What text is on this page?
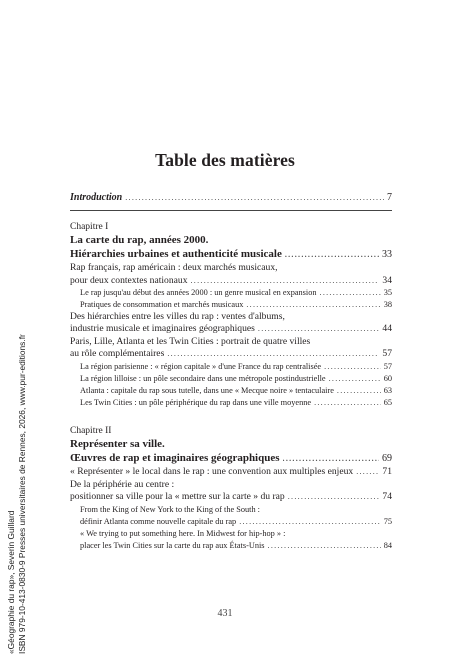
Table des matières
Introduction .....	7
Chapitre I
La carte du rap, années 2000.
Hiérarchies urbaines et authenticité musicale .....	33
Rap français, rap américain : deux marchés musicaux,
pour deux contextes nationaux .....	34
Le rap jusqu'au début des années 2000 : un genre musical en expansion .....	35
Pratiques de consommation et marchés musicaux .....	38
Des hiérarchies entre les villes du rap : ventes d'albums,
industrie musicale et imaginaires géographiques .....	44
Paris, Lille, Atlanta et les Twin Cities : portrait de quatre villes
au rôle complémentaires .....	57
La région parisienne : « région capitale » d'une France du rap centralisée .....	57
La région lilloise : un pôle secondaire dans une métropole postindustrielle .....	60
Atlanta : capitale du rap sous tutelle, dans une « Mecque noire » tentaculaire .....	63
Les Twin Cities : un pôle périphérique du rap dans une ville moyenne .....	65
Chapitre II
Représenter sa ville.
Œuvres de rap et imaginaires géographiques .....	69
« Représenter » le local dans le rap : une convention aux multiples enjeux .....	71
De la périphérie au centre :
positionner sa ville pour la « mettre sur la carte » du rap .....	74
From the King of New York to the King of the South :
définir Atlanta comme nouvelle capitale du rap .....	75
« We trying to put something here. In Midwest for hip-hop » :
placer les Twin Cities sur la carte du rap aux États-Unis .....	84
431
«Géographie du rap», Severin Guillard ISBN 979-10-413-0830-9 Presses universitaires de Rennes, 2026, www.pur-editions.fr
